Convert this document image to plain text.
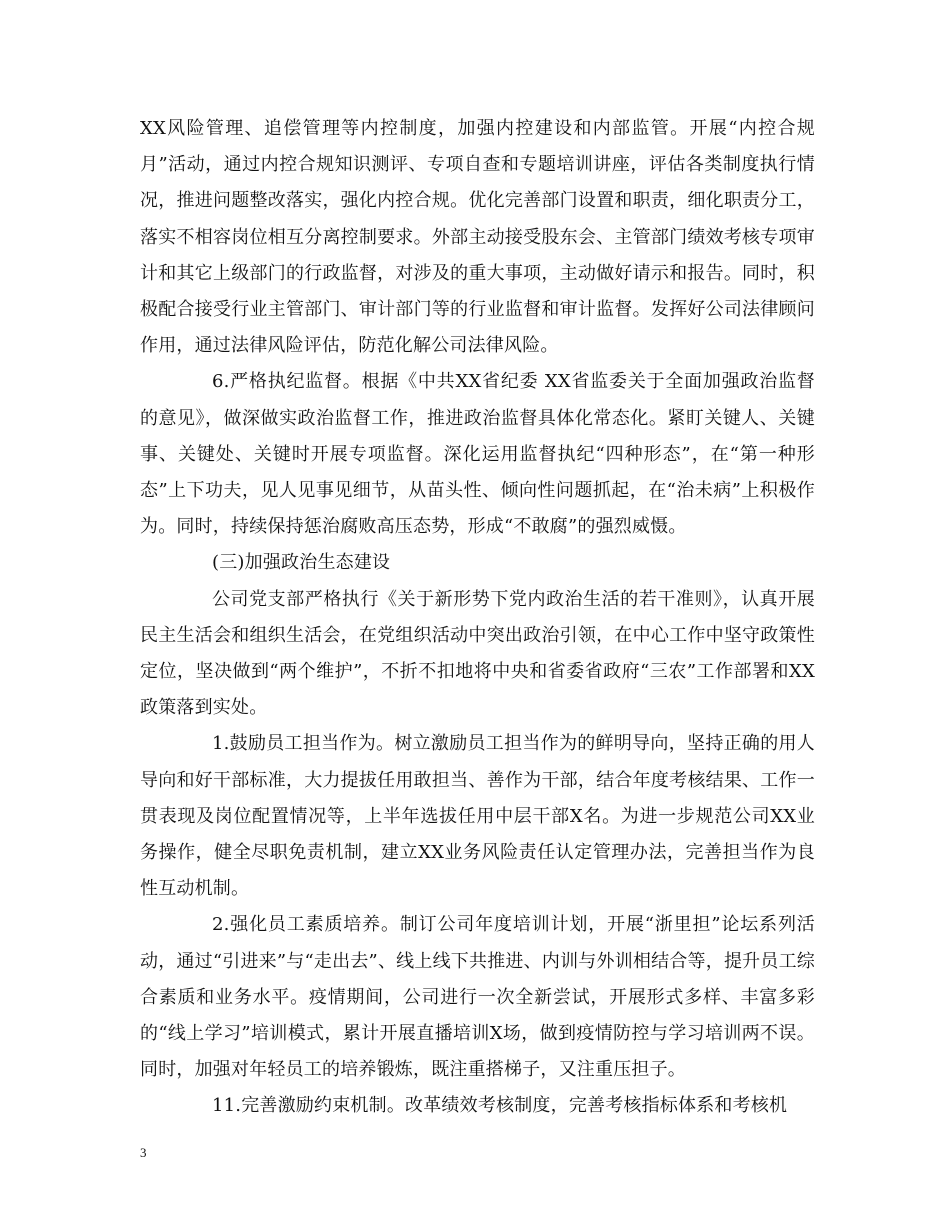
XX风险管理、追偿管理等内控制度，加强内控建设和内部监管。开展“内控合规月”活动，通过内控合规知识测评、专项自查和专题培训讲座，评估各类制度执行情况，推进问题整改落实，强化内控合规。优化完善部门设置和职责，细化职责分工，落实不相容岗位相互分离控制要求。外部主动接受股东会、主管部门绩效考核专项审计和其它上级部门的行政监督，对涉及的重大事项，主动做好请示和报告。同时，积极配合接受行业主管部门、审计部门等的行业监督和审计监督。发挥好公司法律顾问作用，通过法律风险评估，防范化解公司法律风险。

6.严格执纪监督。根据《中共XX省纪委 XX省监委关于全面加强政治监督的意见》，做深做实政治监督工作，推进政治监督具体化常态化。紧盯关键人、关键事、关键处、关键时开展专项监督。深化运用监督执纪“四种形态”，在“第一种形态”上下功夫，见人见事见细节，从苗头性、倾向性问题抓起，在“治未病”上积极作为。同时，持续保持惩治腐败高压态势，形成“不敢腐”的强烈威慑。

(三)加强政治生态建设

公司党支部严格执行《关于新形势下党内政治生活的若干准则》，认真开展民主生活会和组织生活会，在党组织活动中突出政治引领，在中心工作中坚守政策性定位，坚决做到“两个维护”，不折不扣地将中央和省委省政府“三农”工作部署和XX政策落到实处。

1.鼓励员工担当作为。树立激励员工担当作为的鲜明导向，坚持正确的用人导向和好干部标准，大力提拔任用敢担当、善作为干部，结合年度考核结果、工作一贯表现及岗位配置情况等，上半年选拔任用中层干部X名。为进一步规范公司XX业务操作，健全尽职免责机制，建立XX业务风险责任认定管理办法，完善担当作为良性互动机制。

2.强化员工素质培养。制订公司年度培训计划，开展“浙里担”论坛系列活动，通过“引进来”与“走出去”、线上线下共推进、内训与外训相结合等，提升员工综合素质和业务水平。疫情期间，公司进行一次全新尝试，开展形式多样、丰富多彩的“线上学习”培训模式，累计开展直播培训X场，做到疫情防控与学习培训两不误。同时，加强对年轻员工的培养锻炼，既注重搭梯子，又注重压担子。

11.完善激励约束机制。改革绩效考核制度，完善考核指标体系和考核机

3
